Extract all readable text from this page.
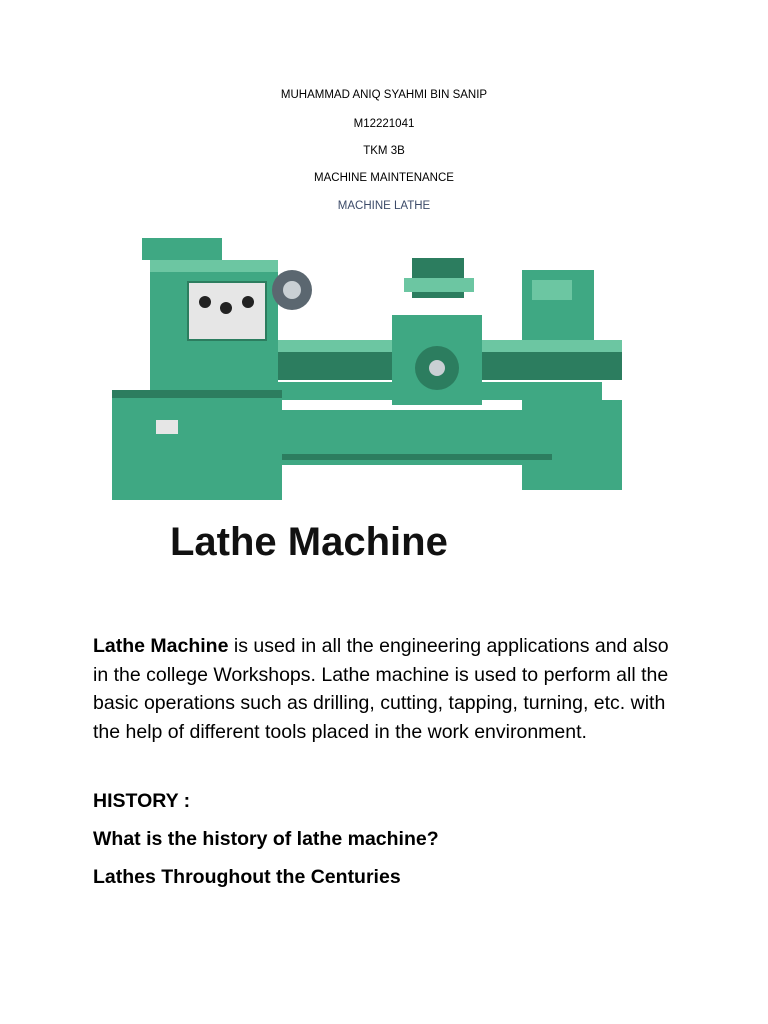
MUHAMMAD ANIQ SYAHMI BIN SANIP
M12221041
TKM 3B
MACHINE MAINTENANCE
MACHINE LATHE
Lathe Machine
Lathe Machine is used in all the engineering applications and also in the college Workshops. Lathe machine is used to perform all the basic operations such as drilling, cutting, tapping, turning, etc. with the help of different tools placed in the work environment.
HISTORY :
What is the history of lathe machine?
Lathes Throughout the Centuries
